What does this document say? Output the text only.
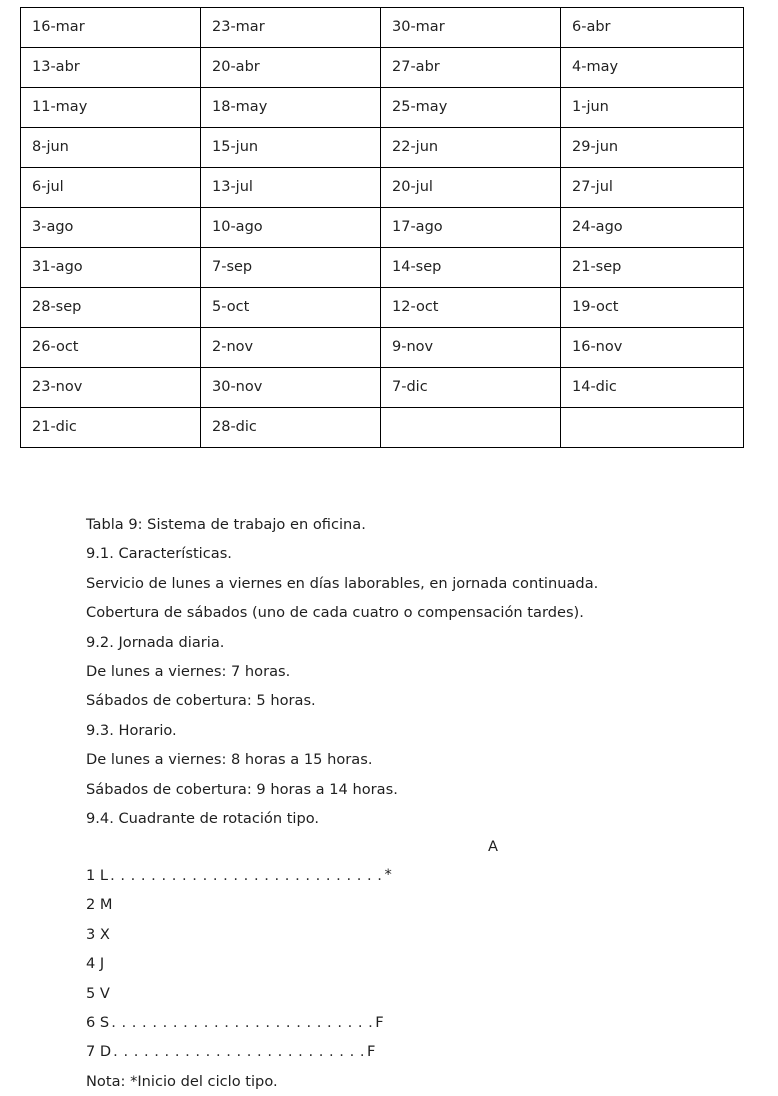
16-mar	23-mar	30-mar	6-abr
13-abr	20-abr	27-abr	4-may
11-may	18-may	25-may	1-jun
8-jun	15-jun	22-jun	29-jun
6-jul	13-jul	20-jul	27-jul
3-ago	10-ago	17-ago	24-ago
31-ago	7-sep	14-sep	21-sep
28-sep	5-oct	12-oct	19-oct
26-oct	2-nov	9-nov	16-nov
23-nov	30-nov	7-dic	14-dic
21-dic	28-dic		

Tabla 9: Sistema de trabajo en oficina.

9.1. Características.

Servicio de lunes a viernes en días laborables, en jornada continuada.

Cobertura de sábados (uno de cada cuatro o compensación tardes).

9.2. Jornada diaria.

De lunes a viernes: 7 horas.

Sábados de cobertura: 5 horas.

9.3. Horario.

De lunes a viernes: 8 horas a 15 horas.

Sábados de cobertura: 9 horas a 14 horas.

9.4. Cuadrante de rotación tipo.

A
1 L . . . . . . . . . . . . . . . . . . . . . . . . . . . *
2 M
3 X
4 J
5 V
6 S . . . . . . . . . . . . . . . . . . . . . . . . . . F
7 D . . . . . . . . . . . . . . . . . . . . . . . . . F
Nota: *Inicio del ciclo tipo.
